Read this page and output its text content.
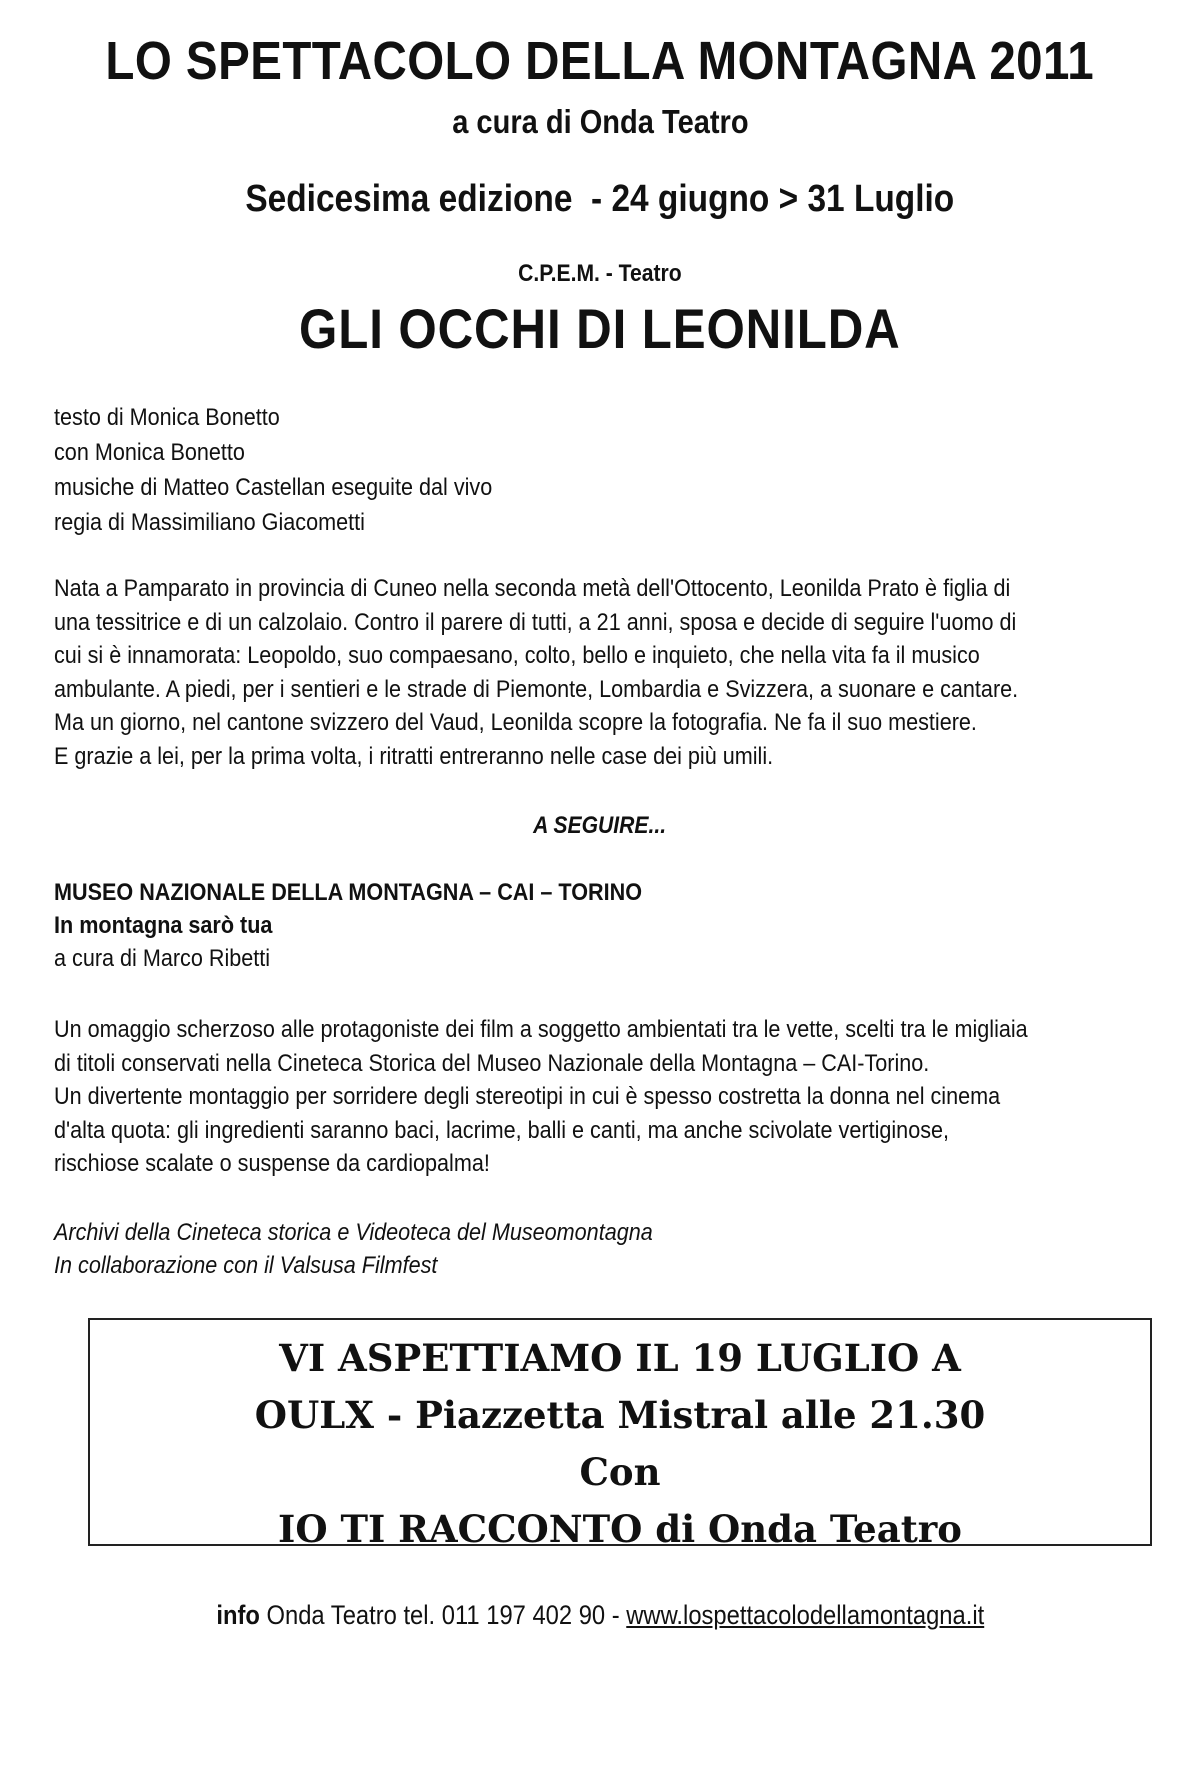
LO SPETTACOLO DELLA MONTAGNA 2011
a cura di Onda Teatro
Sedicesima edizione  - 24 giugno > 31 Luglio
C.P.E.M. - Teatro
GLI OCCHI DI LEONILDA
testo di Monica Bonetto
con Monica Bonetto
musiche di Matteo Castellan eseguite dal vivo
regia di Massimiliano Giacometti
Nata a Pamparato in provincia di Cuneo nella seconda metà dell'Ottocento, Leonilda Prato è figlia di
una tessitrice e di un calzolaio. Contro il parere di tutti, a 21 anni, sposa e decide di seguire l'uomo di
cui si è innamorata: Leopoldo, suo compaesano, colto, bello e inquieto, che nella vita fa il musico
ambulante. A piedi, per i sentieri e le strade di Piemonte, Lombardia e Svizzera, a suonare e cantare.
Ma un giorno, nel cantone svizzero del Vaud, Leonilda scopre la fotografia. Ne fa il suo mestiere.
E grazie a lei, per la prima volta, i ritratti entreranno nelle case dei più umili.
A SEGUIRE...
MUSEO NAZIONALE DELLA MONTAGNA – CAI – TORINO
In montagna sarò tua
a cura di Marco Ribetti
Un omaggio scherzoso alle protagoniste dei film a soggetto ambientati tra le vette, scelti tra le migliaia
di titoli conservati nella Cineteca Storica del Museo Nazionale della Montagna – CAI-Torino.
Un divertente montaggio per sorridere degli stereotipi in cui è spesso costretta la donna nel cinema
d'alta quota: gli ingredienti saranno baci, lacrime, balli e canti, ma anche scivolate vertiginose,
rischiose scalate o suspense da cardiopalma!
Archivi della Cineteca storica e Videoteca del Museomontagna
In collaborazione con il Valsusa Filmfest
VI ASPETTIAMO IL 19 LUGLIO A
OULX - Piazzetta Mistral alle 21.30
Con
IO TI RACCONTO di Onda Teatro
info Onda Teatro tel. 011 197 402 90 - www.lospettacolodellamontagna.it
